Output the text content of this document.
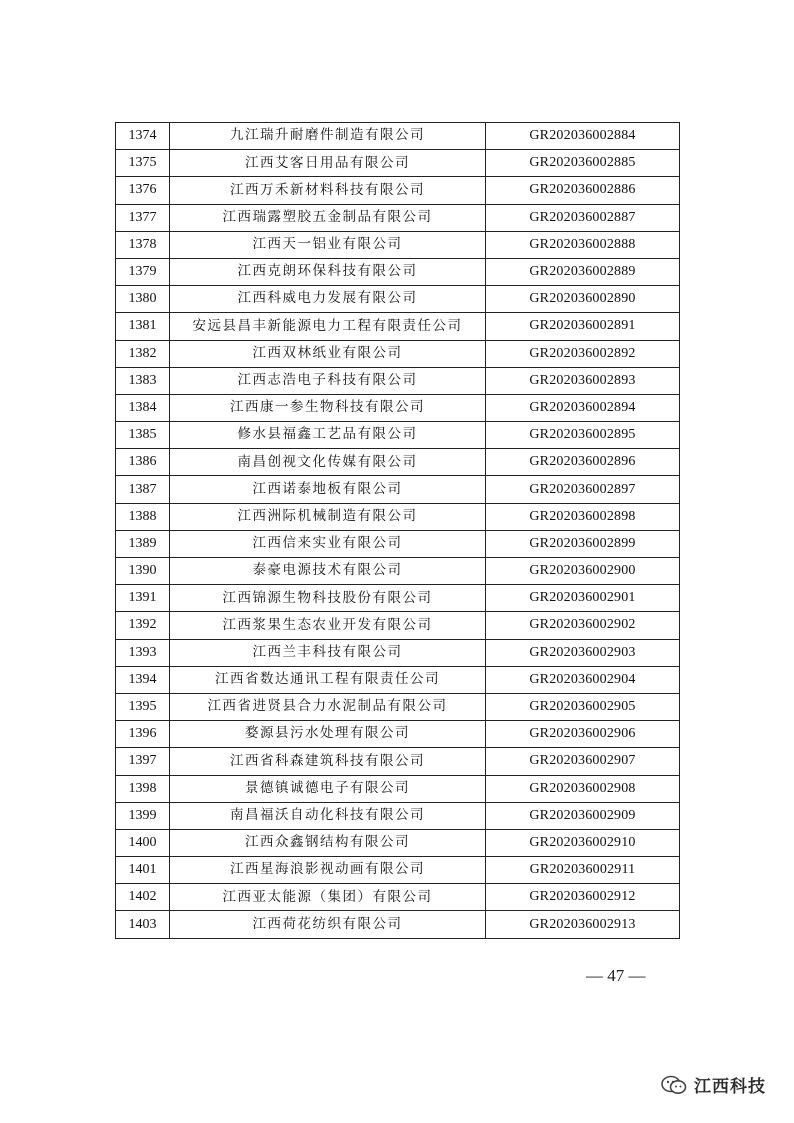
1374	九江瑞升耐磨件制造有限公司	GR202036002884
1375	江西艾客日用品有限公司	GR202036002885
1376	江西万禾新材料科技有限公司	GR202036002886
1377	江西瑞露塑胶五金制品有限公司	GR202036002887
1378	江西天一铝业有限公司	GR202036002888
1379	江西克朗环保科技有限公司	GR202036002889
1380	江西科威电力发展有限公司	GR202036002890
1381	安远县昌丰新能源电力工程有限责任公司	GR202036002891
1382	江西双林纸业有限公司	GR202036002892
1383	江西志浩电子科技有限公司	GR202036002893
1384	江西康一参生物科技有限公司	GR202036002894
1385	修水县福鑫工艺品有限公司	GR202036002895
1386	南昌创视文化传媒有限公司	GR202036002896
1387	江西诺泰地板有限公司	GR202036002897
1388	江西洲际机械制造有限公司	GR202036002898
1389	江西信来实业有限公司	GR202036002899
1390	泰豪电源技术有限公司	GR202036002900
1391	江西锦源生物科技股份有限公司	GR202036002901
1392	江西浆果生态农业开发有限公司	GR202036002902
1393	江西兰丰科技有限公司	GR202036002903
1394	江西省数达通讯工程有限责任公司	GR202036002904
1395	江西省进贤县合力水泥制品有限公司	GR202036002905
1396	婺源县污水处理有限公司	GR202036002906
1397	江西省科森建筑科技有限公司	GR202036002907
1398	景德镇诚德电子有限公司	GR202036002908
1399	南昌福沃自动化科技有限公司	GR202036002909
1400	江西众鑫钢结构有限公司	GR202036002910
1401	江西星海浪影视动画有限公司	GR202036002911
1402	江西亚太能源（集团）有限公司	GR202036002912
1403	江西荷花纺织有限公司	GR202036002913
— 47 —
江西科技
